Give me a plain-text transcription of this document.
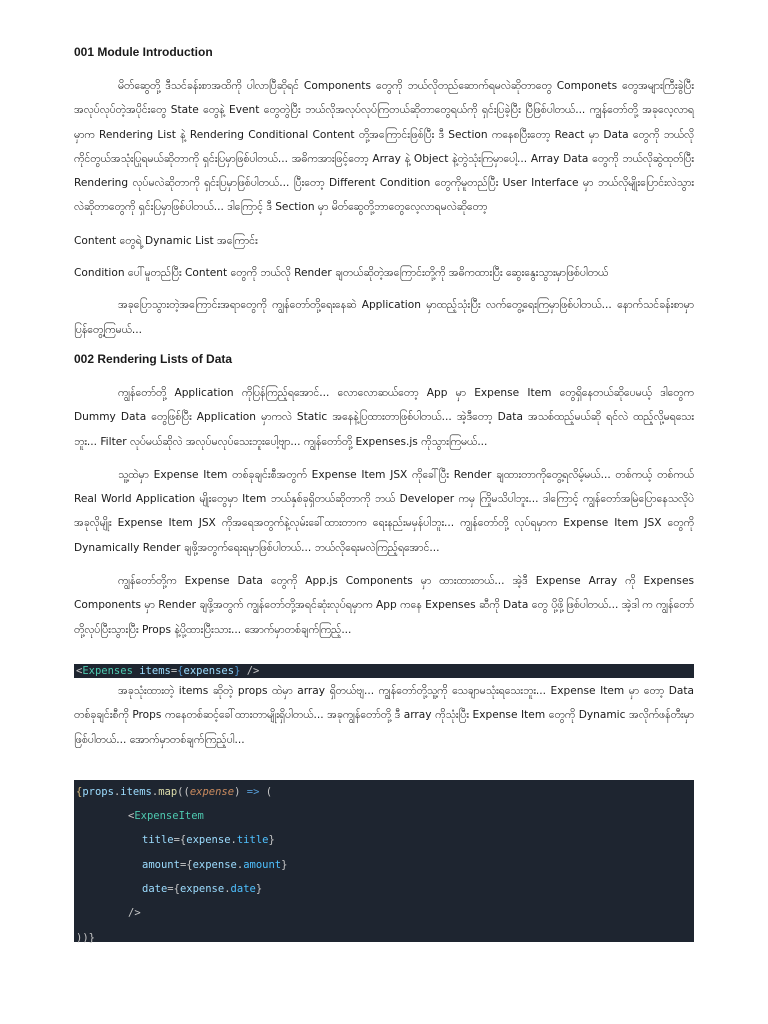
001 Module Introduction

မိတ်ဆွေတို့ ဒီသင်ခန်းစာအထိကို ပါလာပြီဆိုရင် Components တွေကို ဘယ်လိုတည်ဆောက်ရမလဲဆိုတာတွေ Componets တွေအများကြီးခွဲပြီး အလုပ်လုပ်တဲ့အပိုင်းတွေ State တွေနဲ့ Event တွေတွဲပြီး ဘယ်လိုအလုပ်လုပ်ကြတယ်ဆိုတာတွေရယ်ကို ရှင်းပြခဲ့ပြီး ပြီဖြစ်ပါတယ်... ကျွန်တော်တို့ အခုလေ့လာရမှာက Rendering List နဲ့ Rendering Conditional Content တို့အကြောင်းဖြစ်ပြီး ဒီ Section ကနေစပြီးတော့ React မှာ Data တွေကို ဘယ်လိုကိုင်တွယ်အသုံးပြုရမယ်ဆိုတာကို ရှင်းပြမှာဖြစ်ပါတယ်... အဓိကအားဖြင့်တော့ Array နဲ့ Object နဲ့တွဲသုံးကြမှာပေါ့... Array Data တွေကို ဘယ်လိုဆွဲထုတ်ပြီး Rendering လုပ်မလဲဆိုတာကို ရှင်းပြမှာဖြစ်ပါတယ်... ပြီးတော့ Different Condition တွေကိုမူတည်ပြီး User Interface မှာ ဘယ်လိုမျိုးပြောင်းလဲသွားလဲဆိုတာတွေကို ရှင်းပြမှာဖြစ်ပါတယ်... ဒါကြောင့် ဒီ Section မှာ မိတ်ဆွေတို့ဘာတွေလေ့လာရမလဲဆိုတော့

Content တွေရဲ့ Dynamic List အကြောင်း

Condition ပေါ်မူတည်ပြီး Content တွေကို ဘယ်လို Render ချတယ်ဆိုတဲ့အကြောင်းတို့ကို အဓိကထားပြီး ဆွေးနွေးသွားမှာဖြစ်ပါတယ်

အခုပြောသွားတဲ့အကြောင်းအရာတွေကို ကျွန်တော်တို့ရေးနေဆဲ Application မှာထည့်သုံးပြီး လက်တွေ့ရေးကြမှာဖြစ်ပါတယ်... နောက်သင်ခန်းစာမှာ ပြန်တွေ့ကြမယ်...

002 Rendering Lists of Data

ကျွန်တော်တို့ Application ကိုပြန်ကြည့်ရအောင်... လောလောဆယ်တော့ App မှာ Expense Item တွေရှိနေတယ်ဆိုပေမယ့် ဒါတွေက Dummy Data တွေဖြစ်ပြီး Application မှာကလဲ Static အနေနဲ့ပြထားတာဖြစ်ပါတယ်... အဲ့ဒီတော့ Data အသစ်ထည့်မယ်ဆို ရင်လဲ ထည့်လို့မရသေးဘူး... Filter လုပ်မယ်ဆိုလဲ အလုပ်မလုပ်သေးဘူးပေါ့ဗျာ... ကျွန်တော်တို့ Expenses.js ကိုသွားကြမယ်...

သူ့ထဲမှာ Expense Item တစ်ခုချင်းစီအတွက် Expense Item JSX ကိုခေါ်ပြီး Render ချထားတာကိုတွေ့ရလိမ့်မယ်... တစ်ကယ့် တစ်ကယ် Real World Application မျိုးတွေမှာ Item ဘယ်နှစ်ခုရှိတယ်ဆိုတာကို ဘယ် Developer ကမှ ကြိုမသိပါဘူး... ဒါကြောင့် ကျွန်တော်အမြဲပြောနေသလိုပဲ အခုလိုမျိုး Expense Item JSX ကိုအရေအတွက်နဲ့လုမ်းခေါ်ထားတာက ရေးနည်းမမှန်ပါဘူး... ကျွန်တော်တို့ လုပ်ရမှာက Expense Item JSX တွေကို Dynamically Render ချဖို့အတွက်ရေးရမှာဖြစ်ပါတယ်... ဘယ်လိုရေးမလဲကြည့်ရအောင်...

ကျွန်တော်တို့က Expense Data တွေကို App.js Components မှာ ထားထားတယ်... အဲ့ဒီ Expense Array ကို Expenses Components မှာ Render ချဖို့အတွက် ကျွန်တော်တို့အရင်ဆုံးလုပ်ရမှာက App ကနေ Expenses ဆီကို Data တွေ ပို့ဖို့ဖြစ်ပါတယ်... အဲ့ဒါ က ကျွန်တော်တို့လုပ်ပြီးသွားပြီး Props နဲ့ပို့ထားပြီးသား... အောက်မှာတစ်ချက်ကြည့်...

<Expenses items={expenses} />

အခုသုံးထားတဲ့ items ဆိုတဲ့ props ထဲမှာ array ရှိတယ်ဗျ... ကျွန်တော်တို့သူ့ကို သေချာမသုံးရသေးဘူး... Expense Item မှာ တော့ Data တစ်ခုချင်းစီကို Props ကနေတစ်ဆင့်ခေါ်ထားတာမျိုးရှိပါတယ်... အခုကျွန်တော်တို့ ဒီ array ကိုသုံးပြီး Expense Item တွေကို Dynamic အလိုက်ဖန်တီးမှာဖြစ်ပါတယ်... အောက်မှာတစ်ချက်ကြည့်ပါ...

{props.items.map((expense) => (
<ExpenseItem
title={expense.title}
amount={expense.amount}
date={expense.date}
/>
))}
